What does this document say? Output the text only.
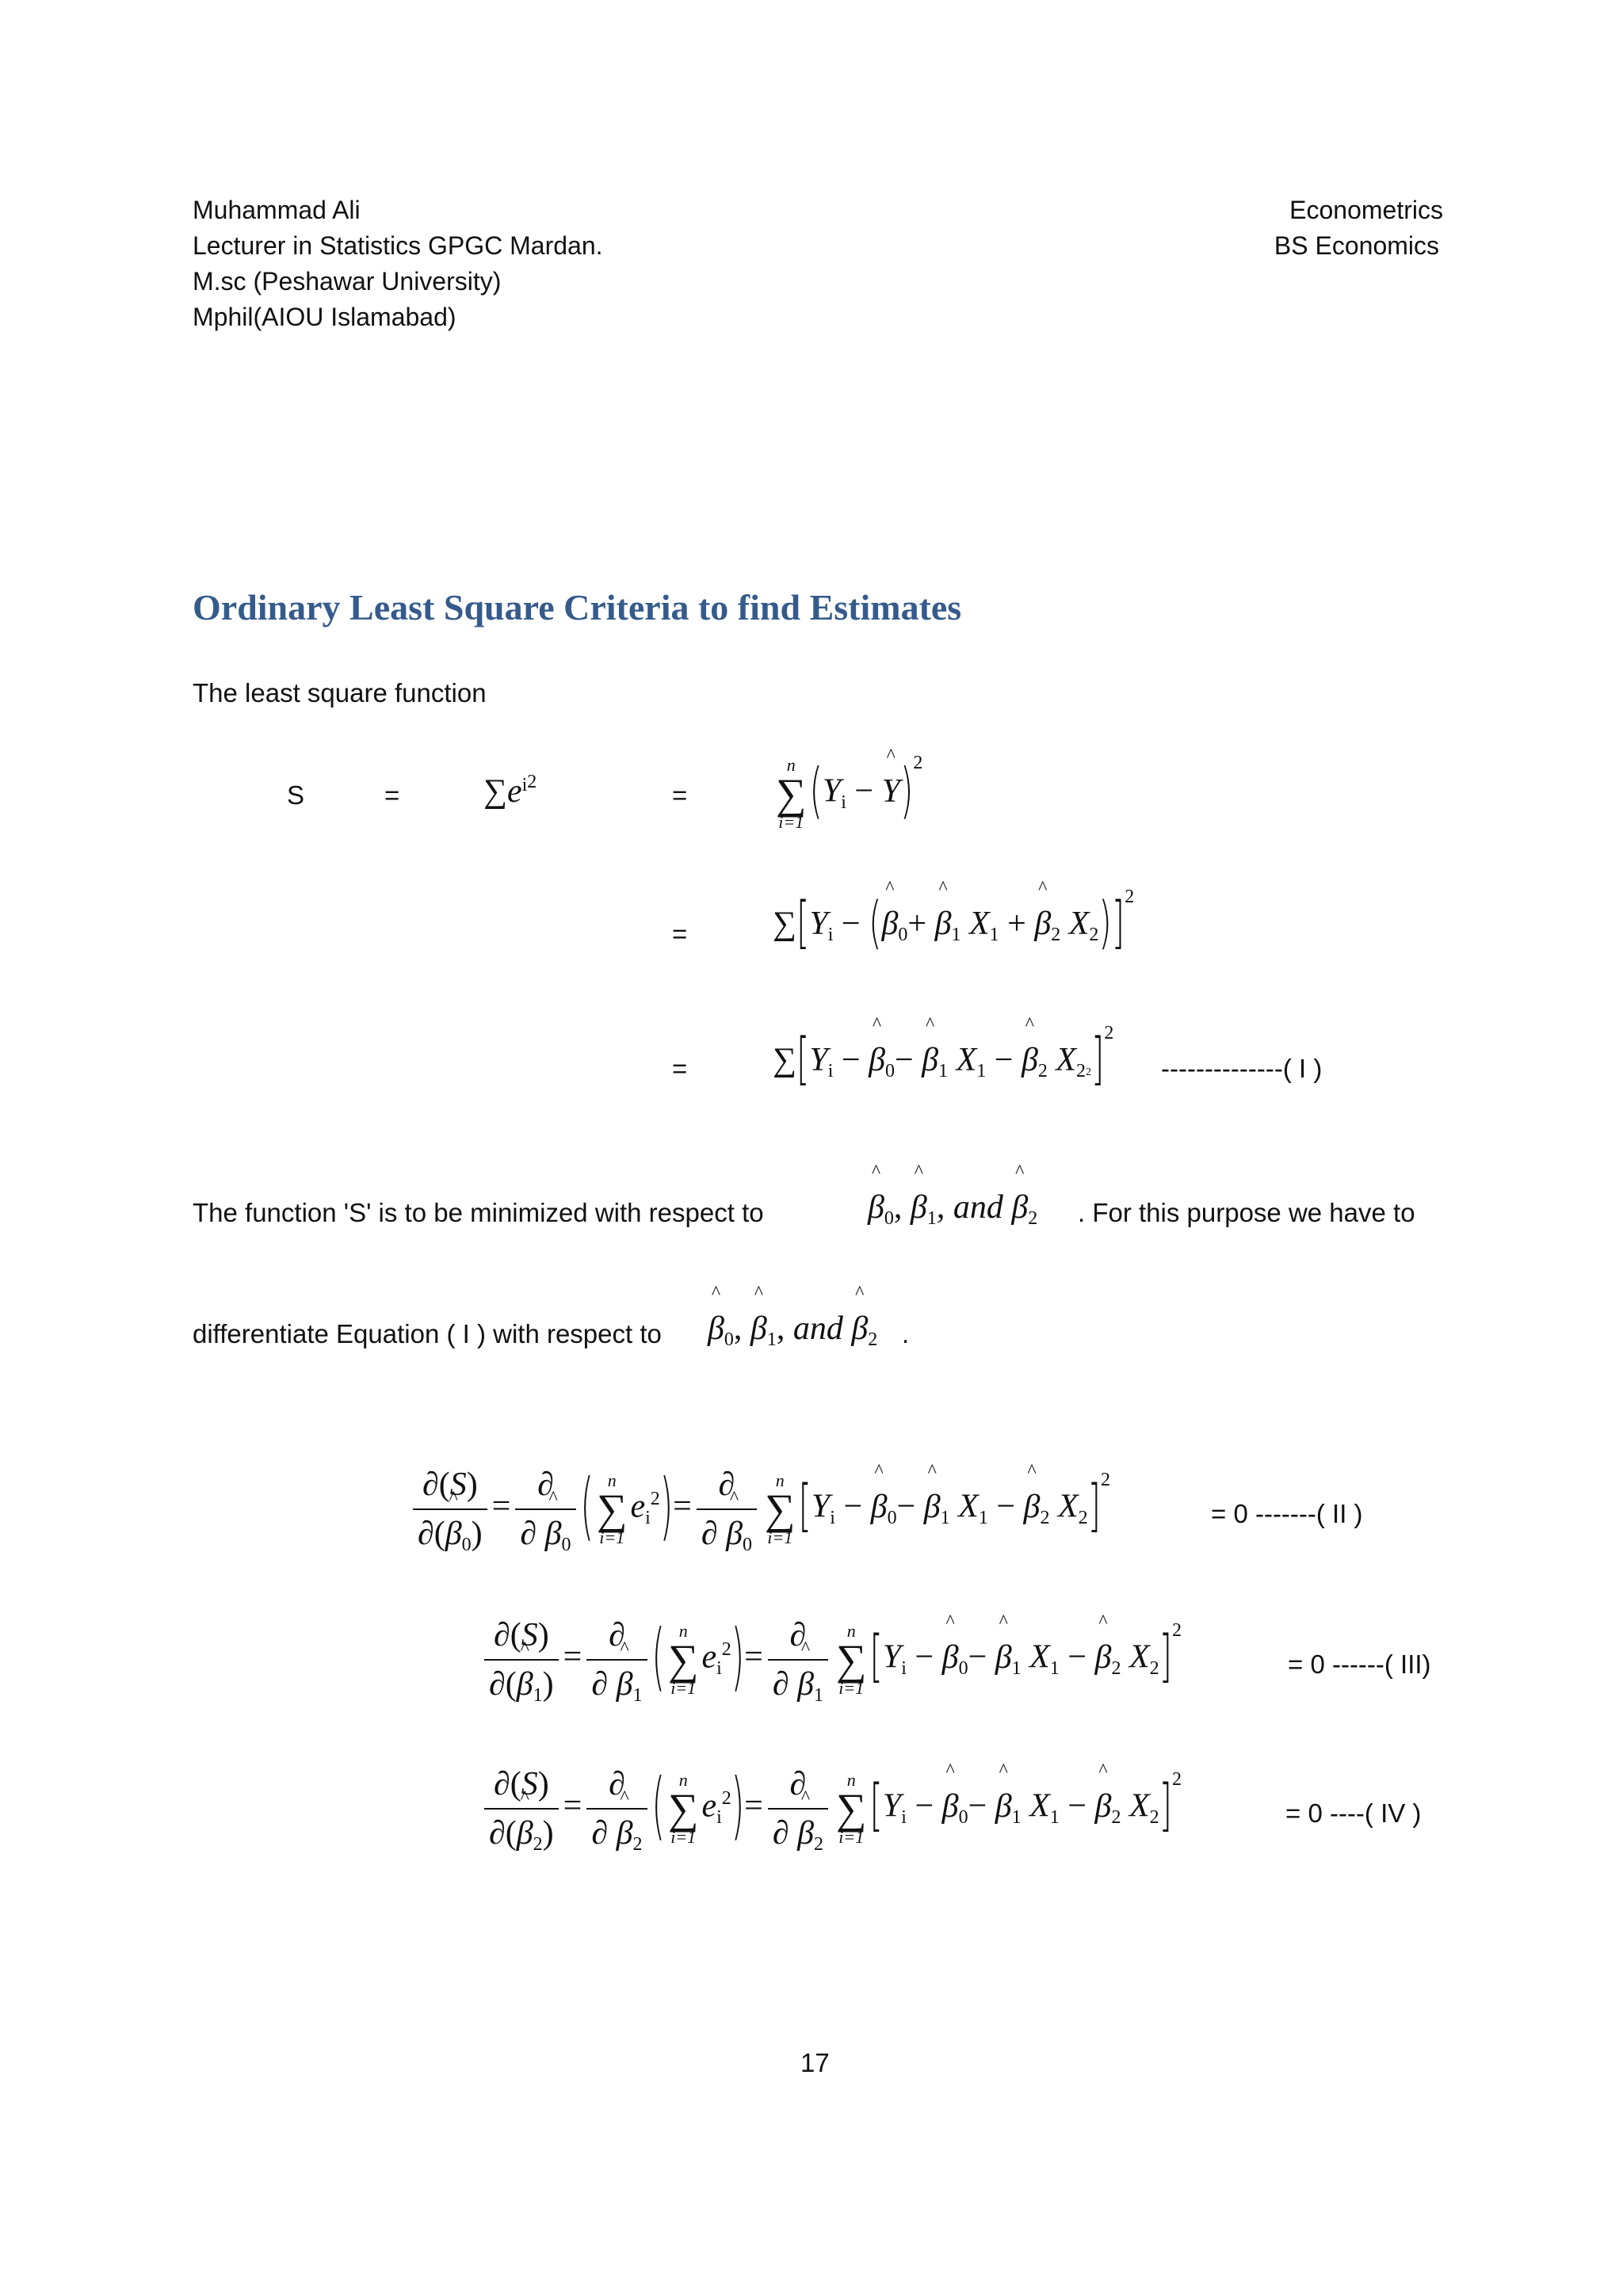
Muhammad Ali
Lecturer in Statistics GPGC Mardan.
M.sc (Peshawar University)
Mphil(AIOU Islamabad)
Econometrics
BS Economics
Ordinary Least Square Criteria to find Estimates
The least square function
S	=	$\sum e^{i2}$	=
n
∑
i=1 (Yi − ^ Y)$^2$
=	∑[Yi − (^ β0+ ^ β1 X1 + ^ β2 X2)]$^2$
=	∑[Yi − ^ β0− ^ β1 X1 − ^ β2 X22]$^2$
--------------( I )
The function 'S' is to be minimized with respect to	^ β0, ^ β1, and ^ β2 . For this purpose we have to
differentiate Equation ( I ) with respect to ^ β0, ^ β1, and ^ β2 .
$\frac{\partial(S)}{\partial(\^{} \beta 0)} = \frac{\partial}{\partial \^{} \beta 0}$ ( n
∑
i=1
$ei^2)= \frac{\partial}{\partial \^{} \beta 0}$ n
∑
i=1 [Yi − ^ β0− ^ β1 X1 − ^ β2 X2]$^2$
= 0 -------( II )
$\frac{\partial(S)}{\partial(\^{} \beta 1)} = \frac{\partial}{\partial \^{} \beta 1}$ ( n
∑
i=1
$ei^2)= \frac{\partial}{\partial \^{} \beta 1}$ n
∑
i=1 [Yi − ^ β0− ^ β1 X1 − ^ β2 X2]$^2$
= 0 ------( III)
$\frac{\partial(S)}{\partial(\^{} \beta 2)} = \frac{\partial}{\partial \^{} \beta 2}$ ( n
∑
i=1
$ei^2)= \frac{\partial}{\partial \^{} \beta 2}$ n
∑
i=1 [Yi − ^ β0− ^ β1 X1 − ^ β2 X2]$^2$
= 0 ----( IV )
17
